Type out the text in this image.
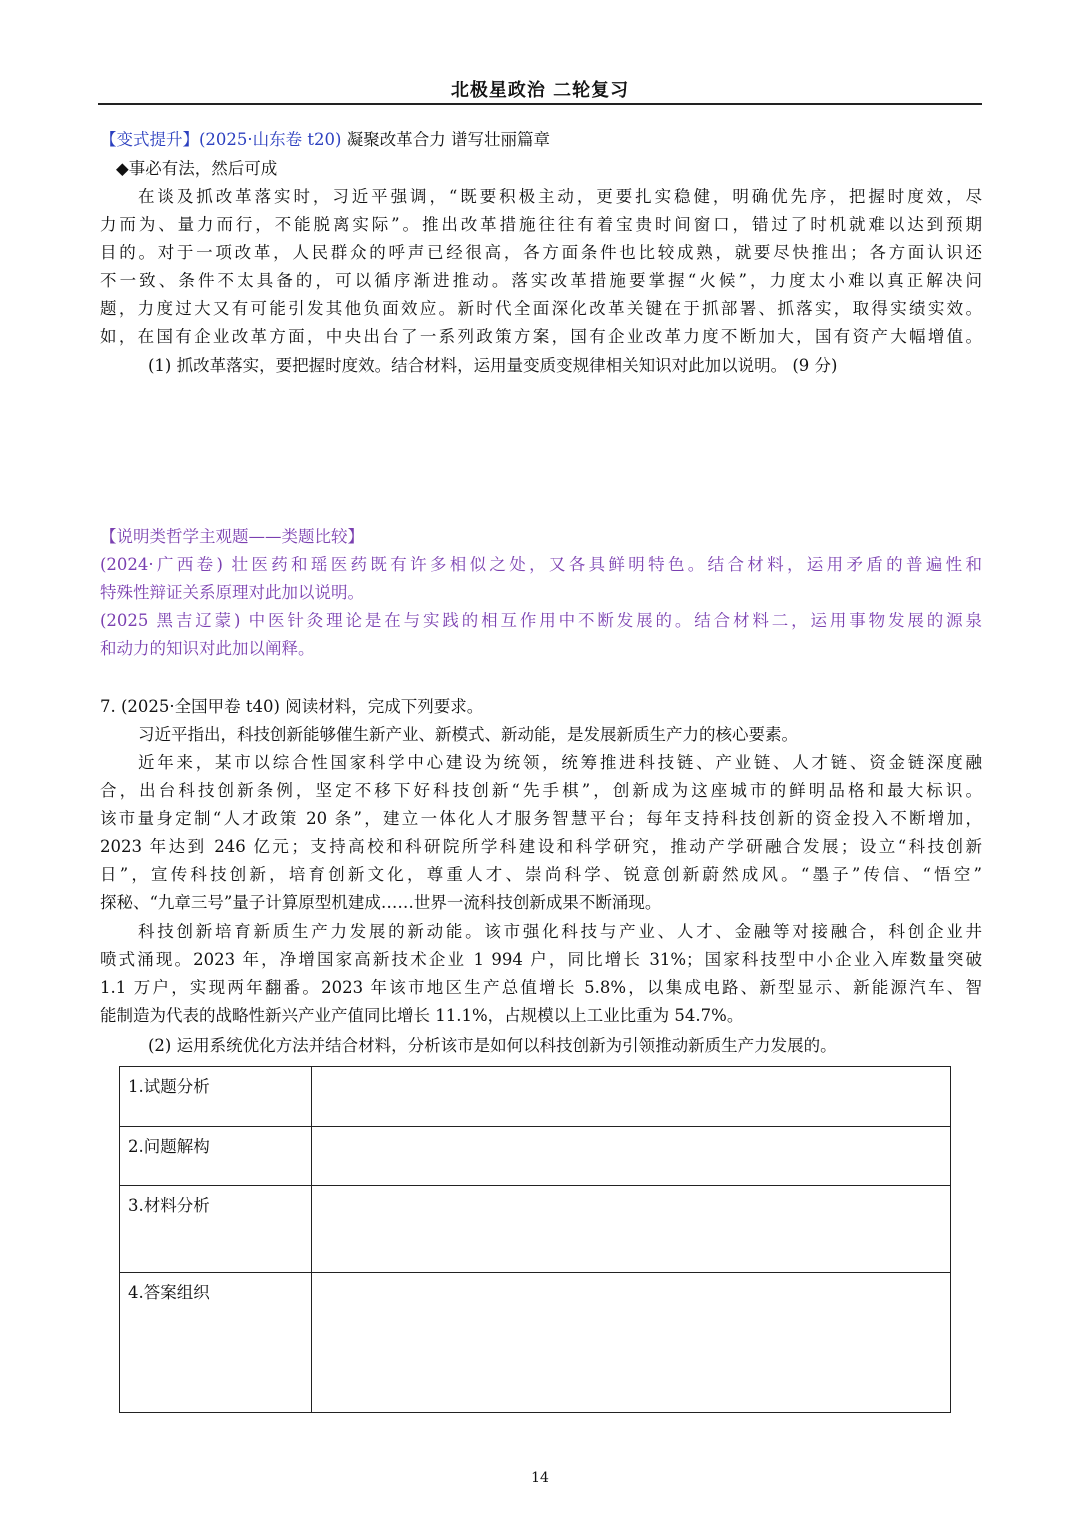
北极星政治 二轮复习
【变式提升】(2025·山东卷 t20) 凝聚改革合力 谱写壮丽篇章
◆事必有法，然后可成
在谈及抓改革落实时，习近平强调，“既要积极主动，更要扎实稳健，明确优先序，把握时度效，尽
力而为、量力而行，不能脱离实际”。推出改革措施往往有着宝贵时间窗口，错过了时机就难以达到预期
目的。对于一项改革，人民群众的呼声已经很高，各方面条件也比较成熟，就要尽快推出；各方面认识还
不一致、条件不太具备的，可以循序渐进推动。落实改革措施要掌握“火候”，力度太小难以真正解决问
题，力度过大又有可能引发其他负面效应。新时代全面深化改革关键在于抓部署、抓落实，取得实绩实效。
如，在国有企业改革方面，中央出台了一系列政策方案，国有企业改革力度不断加大，国有资产大幅增值。
(1) 抓改革落实，要把握时度效。结合材料，运用量变质变规律相关知识对此加以说明。 (9 分)
【说明类哲学主观题——类题比较】
(2024·广西卷) 壮医药和瑶医药既有许多相似之处，又各具鲜明特色。结合材料，运用矛盾的普遍性和
特殊性辩证关系原理对此加以说明。
(2025 黑吉辽蒙) 中医针灸理论是在与实践的相互作用中不断发展的。结合材料二，运用事物发展的源泉
和动力的知识对此加以阐释。
7. (2025·全国甲卷 t40) 阅读材料，完成下列要求。
习近平指出，科技创新能够催生新产业、新模式、新动能，是发展新质生产力的核心要素。
近年来，某市以综合性国家科学中心建设为统领，统筹推进科技链、产业链、人才链、资金链深度融
合，出台科技创新条例，坚定不移下好科技创新“先手棋”，创新成为这座城市的鲜明品格和最大标识。
该市量身定制“人才政策 20 条”，建立一体化人才服务智慧平台；每年支持科技创新的资金投入不断增加，
2023 年达到 246 亿元；支持高校和科研院所学科建设和科学研究，推动产学研融合发展；设立“科技创新
日”，宣传科技创新，培育创新文化，尊重人才、崇尚科学、锐意创新蔚然成风。“墨子”传信、“悟空”
探秘、“九章三号”量子计算原型机建成……世界一流科技创新成果不断涌现。
科技创新培育新质生产力发展的新动能。该市强化科技与产业、人才、金融等对接融合，科创企业井
喷式涌现。2023 年，净增国家高新技术企业 1 994 户，同比增长 31%；国家科技型中小企业入库数量突破
1.1 万户，实现两年翻番。2023 年该市地区生产总值增长 5.8%，以集成电路、新型显示、新能源汽车、智
能制造为代表的战略性新兴产业产值同比增长 11.1%，占规模以上工业比重为 54.7%。
(2) 运用系统优化方法并结合材料，分析该市是如何以科技创新为引领推动新质生产力发展的。
1.试题分析	
2.问题解构	
3.材料分析	
4.答案组织	
14
